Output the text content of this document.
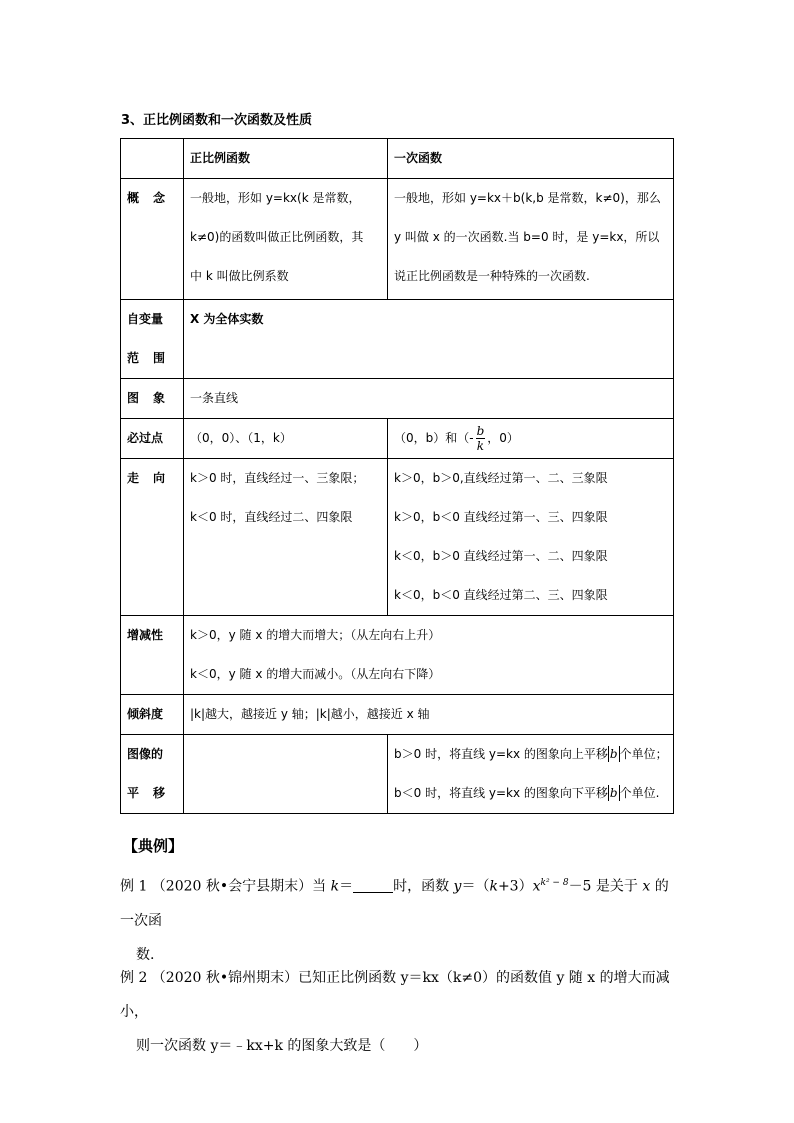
3、正比例函数和一次函数及性质
	正比例函数	一次函数
概念	一般地，形如 y=kx(k 是常数，
k≠0)的函数叫做正比例函数，其
中 k 叫做比例系数	一般地，形如 y=kx＋b(k,b 是常数，k≠0)，那么
y 叫做 x 的一次函数.当 b=0 时，是 y=kx，所以
说正比例函数是一种特殊的一次函数.

自变量
范围	X 为全体实数	
图象	一条直线	
必过点	（0，0）、（1，k）	（0，b）和（- $\frac{b}{k}$ ，0）
走向	k＞0 时，直线经过一、三象限；
k＜0 时，直线经过二、四象限	k＞0，b＞0,直线经过第一、二、三象限
k＞0，b＜0 直线经过第一、三、四象限
k＜0，b＞0 直线经过第一、二、四象限
k＜0，b＜0 直线经过第二、三、四象限

增减性	k＞0，y 随 x 的增大而增大；（从左向右上升）
k＜0，y 随 x 的增大而减小。（从左向右下降）	

倾斜度	|k|越大，越接近 y 轴；|k|越小，越接近 x 轴	

图像的
平移		b＞0 时，将直线 y=kx 的图象向上平移 b 个单位；
b＜0 时，将直线 y=kx 的图象向下平移 b 个单位.
【典例】
例 1 （2020 秋•会宁县期末）当 k＝	时，函数 $y=(k+3)x^{k^2 - 8}-5$ 是关于 x 的一次函
数.
例 2 （2020 秋•锦州期末）已知正比例函数 y＝kx（k≠0）的函数值 y 随 x 的增大而减小，
则一次函数 y＝﹣kx+k 的图象大致是（　　）
